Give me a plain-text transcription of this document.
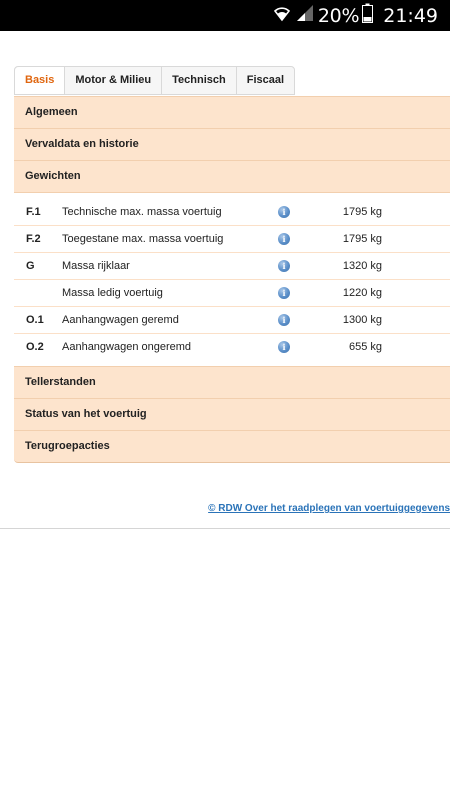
20% 21:49
Basis	Motor & Milieu	Technisch	Fiscaal
Algemeen
Vervaldata en historie
Gewichten
F.1 Technische max. massa voertuig	i	1795 kg
F.2 Toegestane max. massa voertuig	i	1795 kg
G Massa rijklaar	i	1320 kg
Massa ledig voertuig	i	1220 kg
O.1 Aanhangwagen geremd	i	1300 kg
O.2 Aanhangwagen ongeremd	i	655 kg
Tellerstanden
Status van het voertuig
Terugroepacties
© RDW Over het raadplegen van voertuiggegevens
